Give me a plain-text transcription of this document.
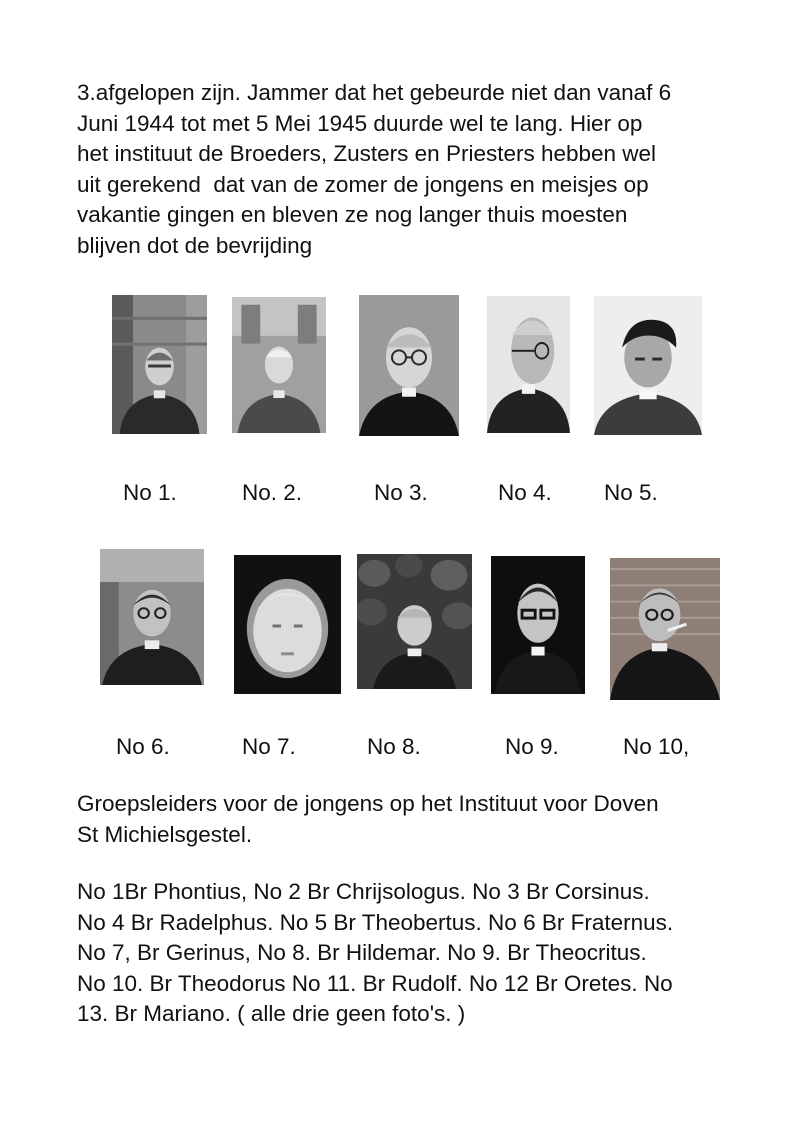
3.afgelopen zijn. Jammer dat het gebeurde niet dan vanaf 6
Juni 1944 tot met 5 Mei 1945 duurde wel te lang. Hier op
het instituut de Broeders, Zusters en Priesters hebben wel
uit gerekend  dat van de zomer de jongens en meisjes op
vakantie gingen en bleven ze nog langer thuis moesten
blijven dot de bevrijding
No 1.	No. 2.	No 3.	No 4. No 5.
No 6.	No 7.	No 8.	No 9.	No 10,
Groepsleiders voor de jongens op het Instituut voor Doven
St Michielsgestel.
No 1Br Phontius, No 2 Br Chrijsologus. No 3 Br Corsinus.
No 4 Br Radelphus. No 5 Br Theobertus. No 6 Br Fraternus.
No 7, Br Gerinus, No 8. Br Hildemar. No 9. Br Theocritus.
No 10. Br Theodorus No 11. Br Rudolf. No 12 Br Oretes. No
13. Br Mariano. ( alle drie geen foto's. )
